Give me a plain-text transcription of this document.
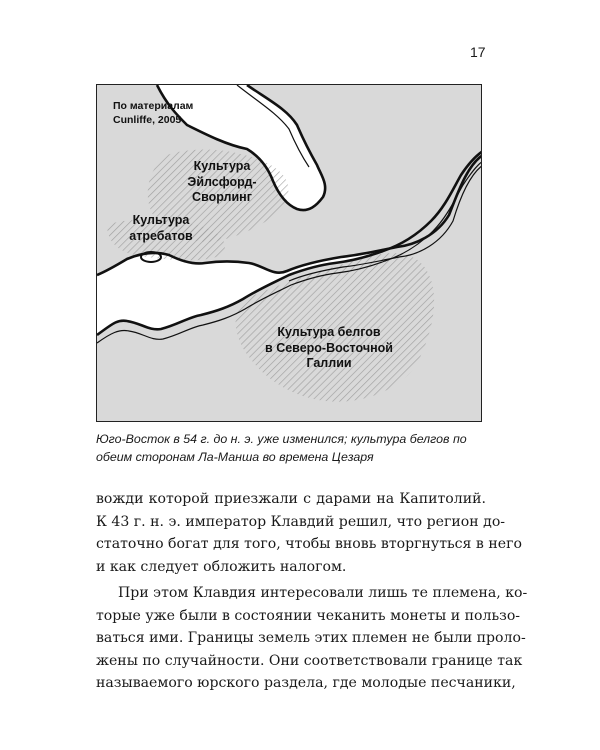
17
По материалам
Cunliffe, 2005
Культура
Эйлсфорд-
Сворлинг
Культура
атребатов
Культура белгов
в Северо-Восточной
Галлии
Юго-Восток в 54 г. до н. э. уже изменился; культура белгов по
обеим сторонам Ла-Манша во времена Цезаря
вожди которой приезжали с дарами на Капитолий.
К 43 г. н. э. император Клавдий решил, что регион до-
статочно богат для того, чтобы вновь вторгнуться в него
и как следует обложить налогом.
При этом Клавдия интересовали лишь те племена, ко-
торые уже были в состоянии чеканить монеты и пользо-
ваться ими. Границы земель этих племен не были проло-
жены по случайности. Они соответствовали границе так
называемого юрского раздела, где молодые песчаники,
